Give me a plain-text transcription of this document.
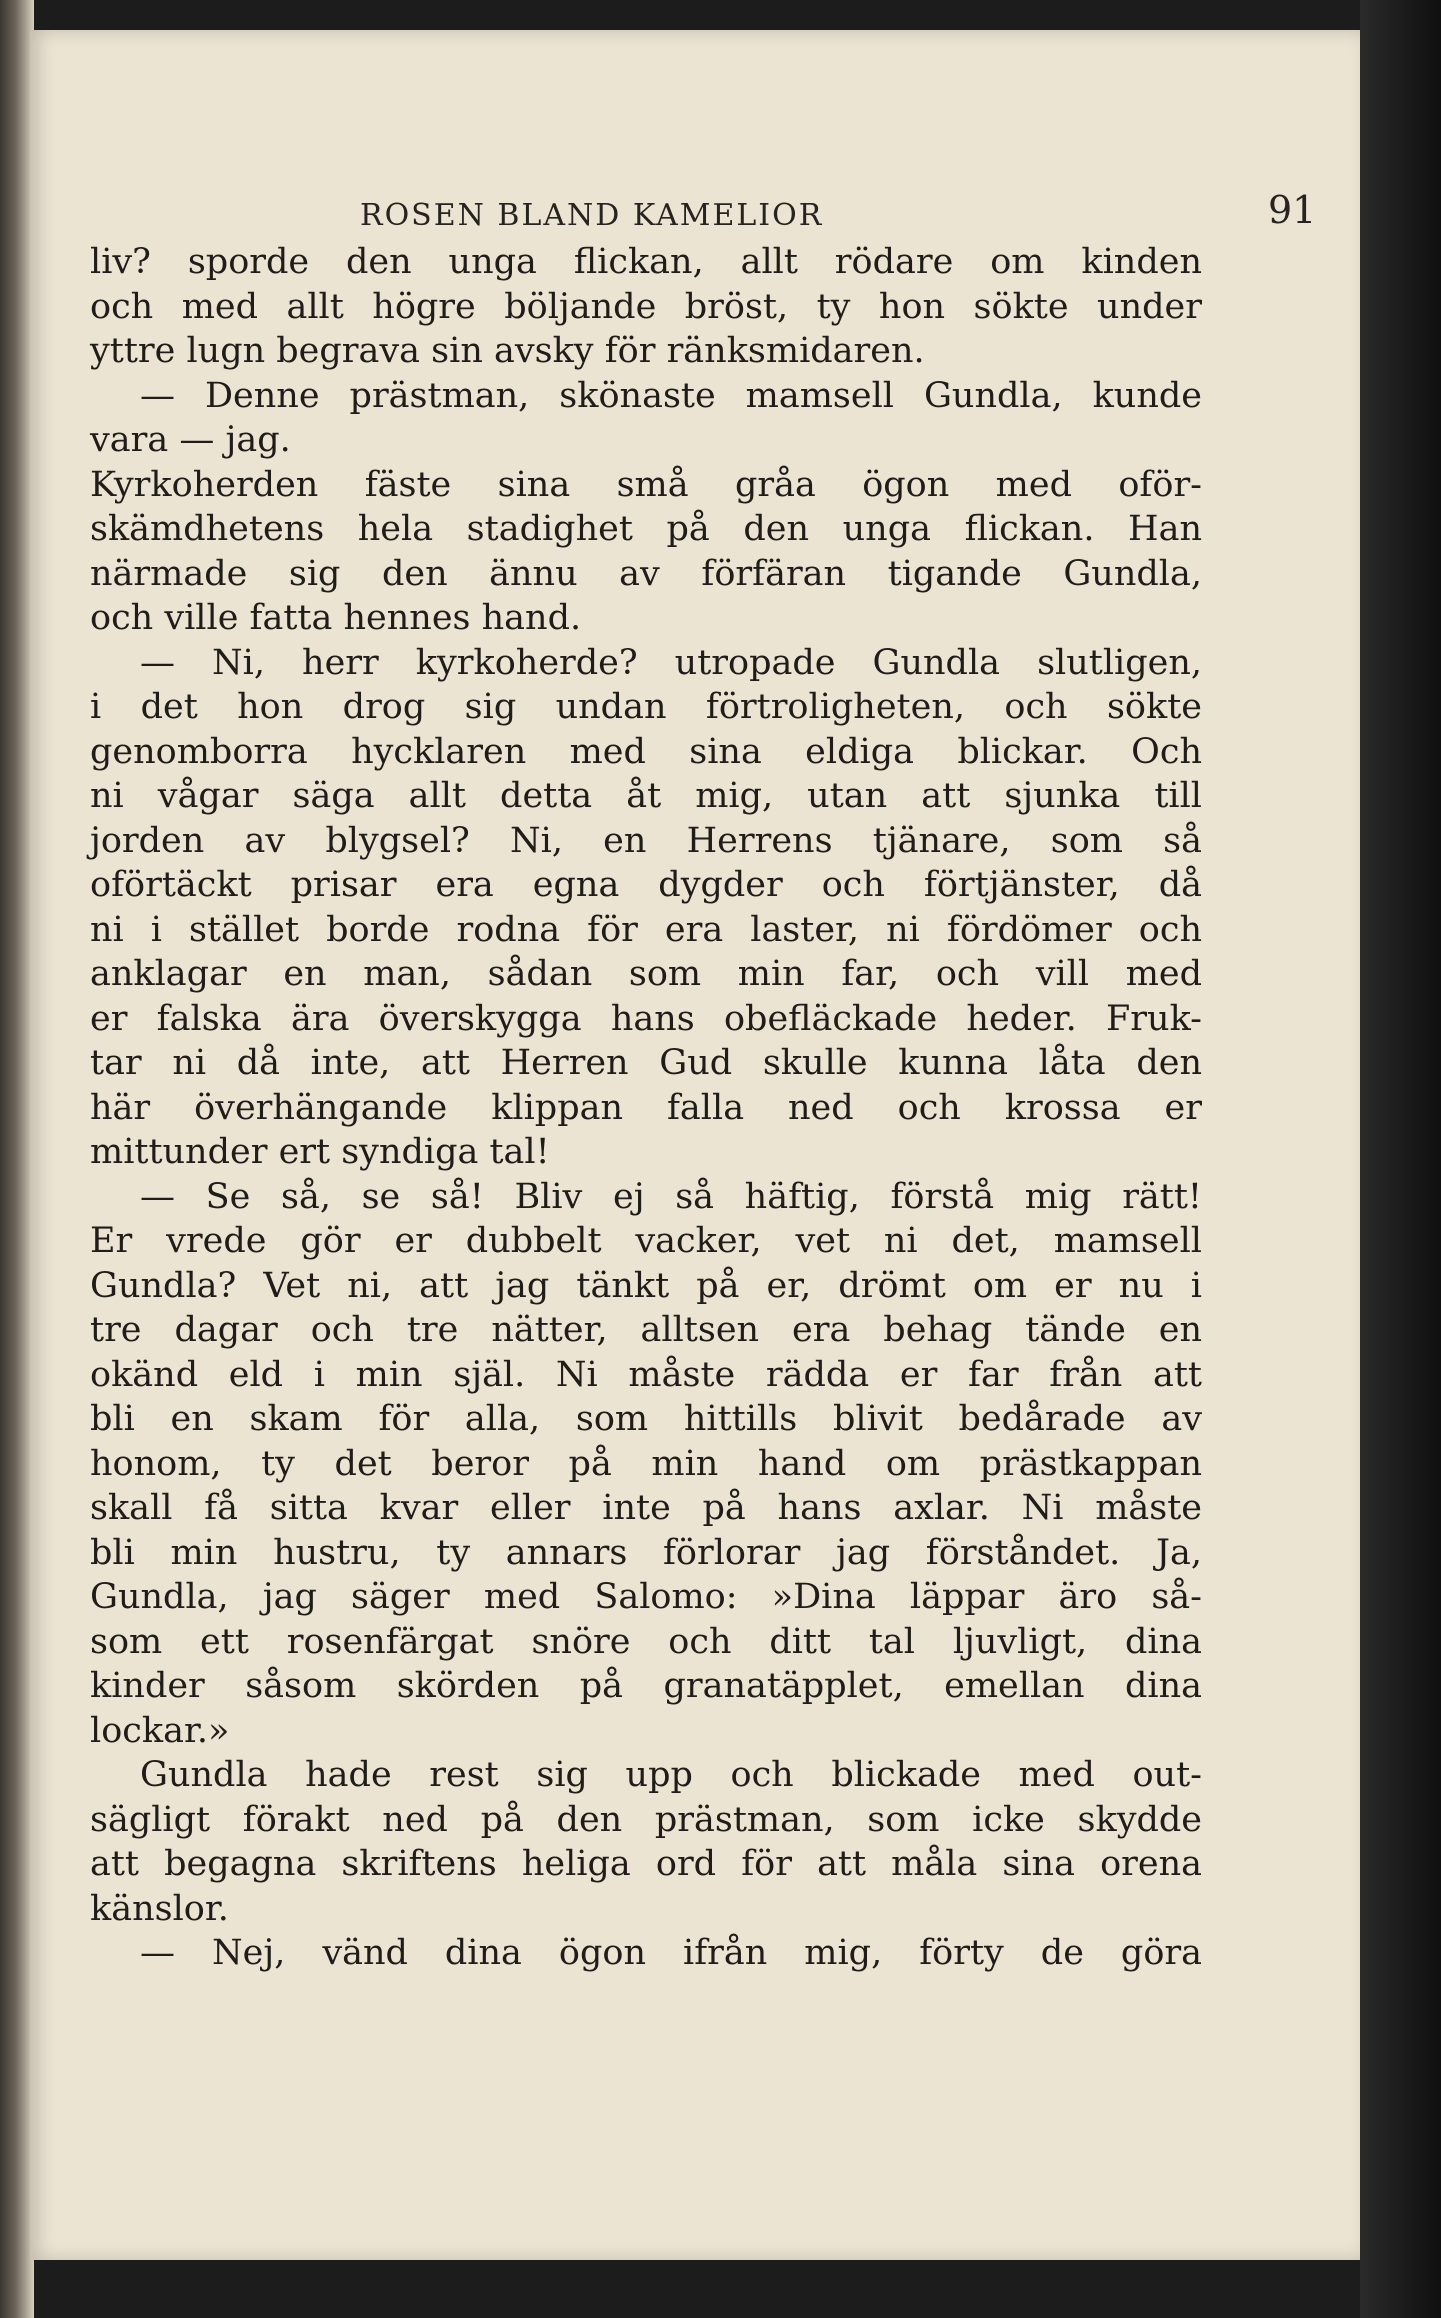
ROSEN BLAND KAMELIOR	91
liv? sporde den unga flickan, allt rödare om kinden
och med allt högre böljande bröst, ty hon sökte under
yttre lugn begrava sin avsky för ränksmidaren.
— Denne prästman, skönaste mamsell Gundla, kunde
vara — jag.
Kyrkoherden fäste sina små gråa ögon med oför-
skämdhetens hela stadighet på den unga flickan. Han
närmade sig den ännu av förfäran tigande Gundla,
och ville fatta hennes hand.
— Ni, herr kyrkoherde? utropade Gundla slutligen,
i det hon drog sig undan förtroligheten, och sökte
genomborra hycklaren med sina eldiga blickar. Och
ni vågar säga allt detta åt mig, utan att sjunka till
jorden av blygsel? Ni, en Herrens tjänare, som så
oförtäckt prisar era egna dygder och förtjänster, då
ni i stället borde rodna för era laster, ni fördömer och
anklagar en man, sådan som min far, och vill med
er falska ära överskygga hans obefläckade heder. Fruk-
tar ni då inte, att Herren Gud skulle kunna låta den
här överhängande klippan falla ned och krossa er
mittunder ert syndiga tal!
— Se så, se så! Bliv ej så häftig, förstå mig rätt!
Er vrede gör er dubbelt vacker, vet ni det, mamsell
Gundla? Vet ni, att jag tänkt på er, drömt om er nu i
tre dagar och tre nätter, alltsen era behag tände en
okänd eld i min själ. Ni måste rädda er far från att
bli en skam för alla, som hittills blivit bedårade av
honom, ty det beror på min hand om prästkappan
skall få sitta kvar eller inte på hans axlar. Ni måste
bli min hustru, ty annars förlorar jag förståndet. Ja,
Gundla, jag säger med Salomo: »Dina läppar äro så-
som ett rosenfärgat snöre och ditt tal ljuvligt, dina
kinder såsom skörden på granatäpplet, emellan dina
lockar.»
Gundla hade rest sig upp och blickade med out-
sägligt förakt ned på den prästman, som icke skydde
att begagna skriftens heliga ord för att måla sina orena
känslor.
— Nej, vänd dina ögon ifrån mig, förty de göra
